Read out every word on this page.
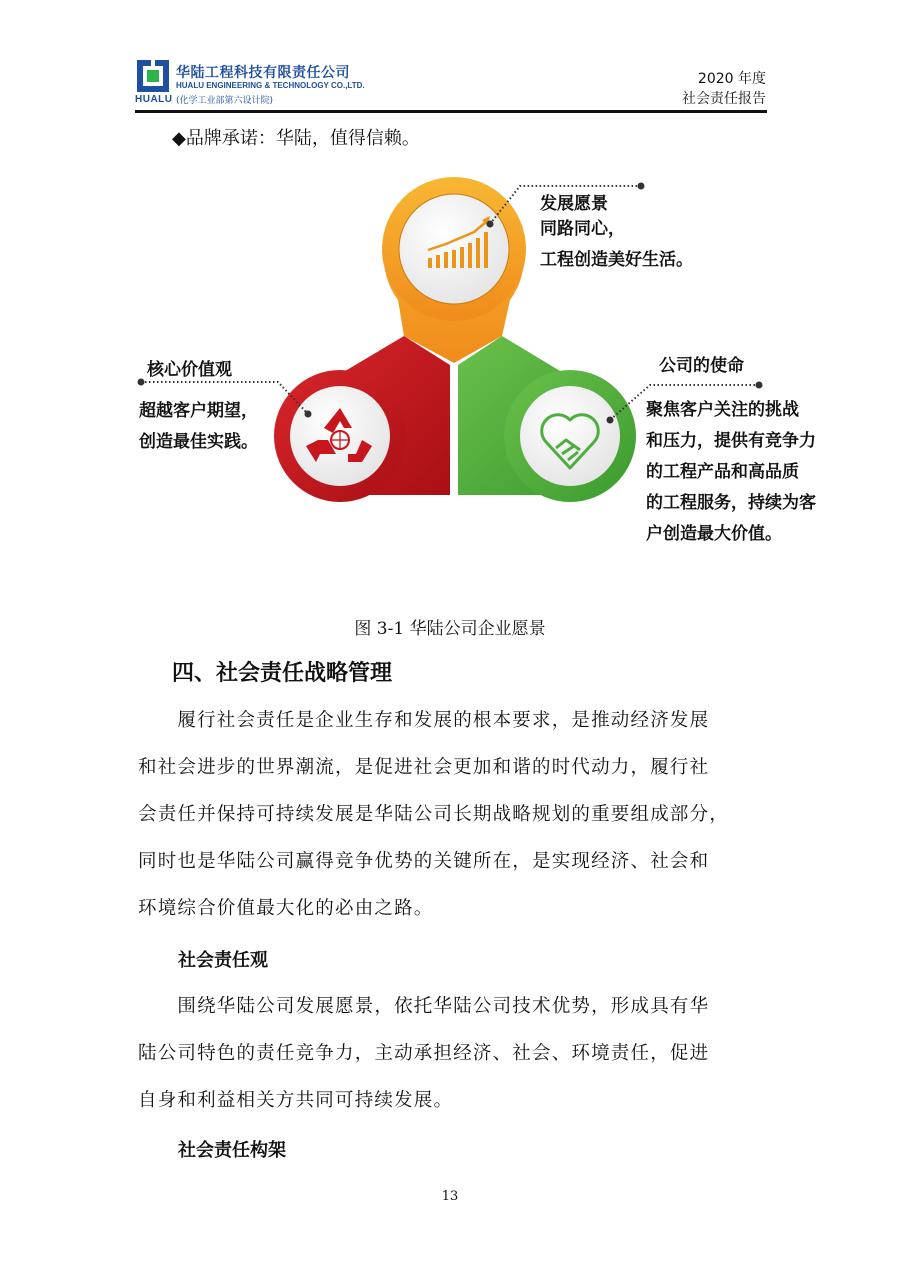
HUALU
华陆工程科技有限责任公司
HUALU ENGINEERING & TECHNOLOGY CO.,LTD.
(化学工业部第六设计院)
2020 年度
社会责任报告
◆品牌承诺：华陆，值得信赖。
发展愿景
同路同心，
工程创造美好生活。
核心价值观
超越客户期望，
创造最佳实践。
公司的使命
聚焦客户关注的挑战
和压力，提供有竞争力
的工程产品和高品质
的工程服务，持续为客
户创造最大价值。
图 3-1 华陆公司企业愿景
四、社会责任战略管理
　　履行社会责任是企业生存和发展的根本要求，是推动经济发展
和社会进步的世界潮流，是促进社会更加和谐的时代动力，履行社
会责任并保持可持续发展是华陆公司长期战略规划的重要组成部分，
同时也是华陆公司赢得竞争优势的关键所在，是实现经济、社会和
环境综合价值最大化的必由之路。
社会责任观
　　围绕华陆公司发展愿景，依托华陆公司技术优势，形成具有华
陆公司特色的责任竞争力，主动承担经济、社会、环境责任，促进
自身和利益相关方共同可持续发展。
社会责任构架
13
